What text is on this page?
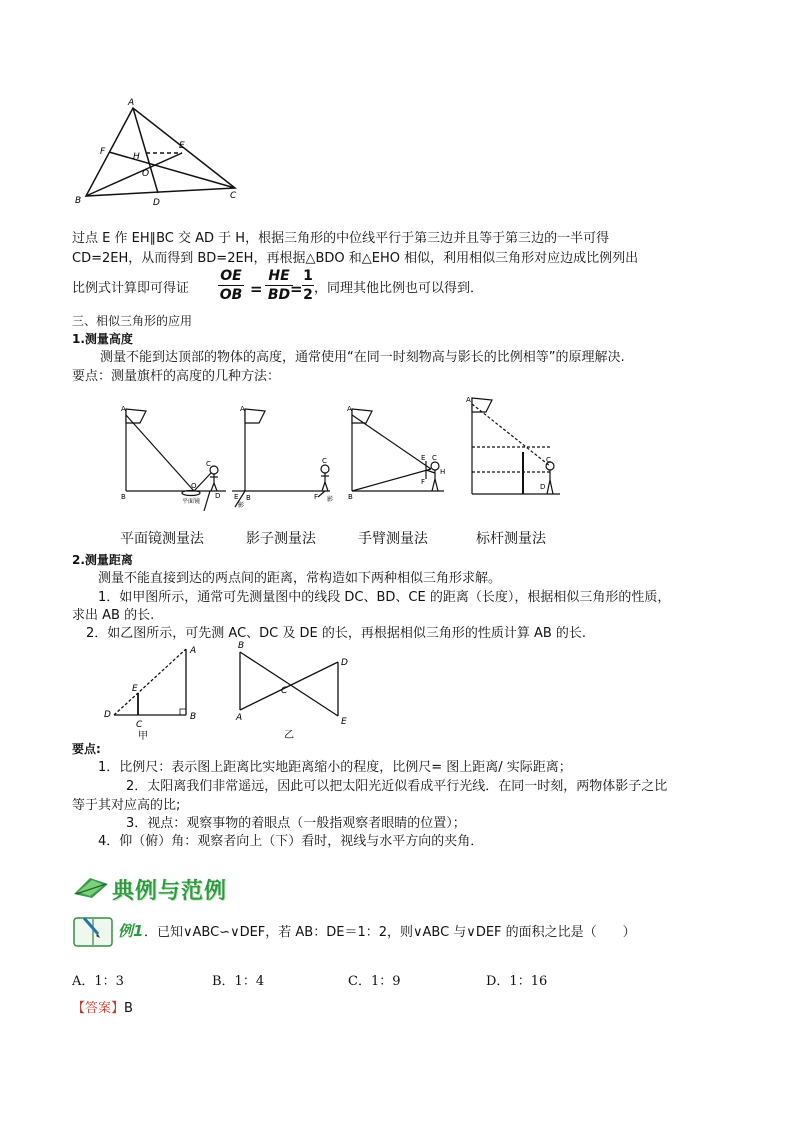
A
B	C
D
E
F	H
O
过点 E 作 EH∥BC 交 AD 于 H，根据三角形的中位线平行于第三边并且等于第三边的一半可得
CD=2EH，从而得到 BD=2EH，再根据△BDO 和△EHO 相似，利用相似三角形对应边成比例列出
比例式计算即可得证
OE
OB =
HE
BD =
1
2 ，同理其他比例也可以得到．
三、相似三角形的应用
1.测量高度
测量不能到达顶部的物体的高度，通常使用“在同一时刻物高与影长的比例相等”的原理解决.
要点：测量旗杆的高度的几种方法：
A
B
C
O
D
平面镜
A
B
E
C
F
影
影
A
B
E C
H
F
A
C
D
平面镜测量法	影子测量法	手臂测量法	标杆测量法
2.测量距离
测量不能直接到达的两点间的距离，常构造如下两种相似三角形求解。
1．如甲图所示，通常可先测量图中的线段 DC、BD、CE 的距离（长度），根据相似三角形的性质，
求出 AB 的长.
2．如乙图所示，可先测 AC、DC 及 DE 的长，再根据相似三角形的性质计算 AB 的长.
A
B
C
D
E
甲
B
A
C
D
E
乙
要点:
1．比例尺：表示图上距离比实地距离缩小的程度，比例尺= 图上距离/ 实际距离；
2．太阳离我们非常遥远，因此可以把太阳光近似看成平行光线．在同一时刻，两物体影子之比
等于其对应高的比;
3．视点：观察事物的着眼点（一般指观察者眼睛的位置）；
4．仰（俯）角：观察者向上（下）看时，视线与水平方向的夹角．
典例与范例
例1 ．已知∨ABC∽∨DEF，若 AB：DE＝1：2，则∨ABC 与∨DEF 的面积之比是（　　）
A．1：3	B．1：4	C．1：9	D．1：16
【答案】B
